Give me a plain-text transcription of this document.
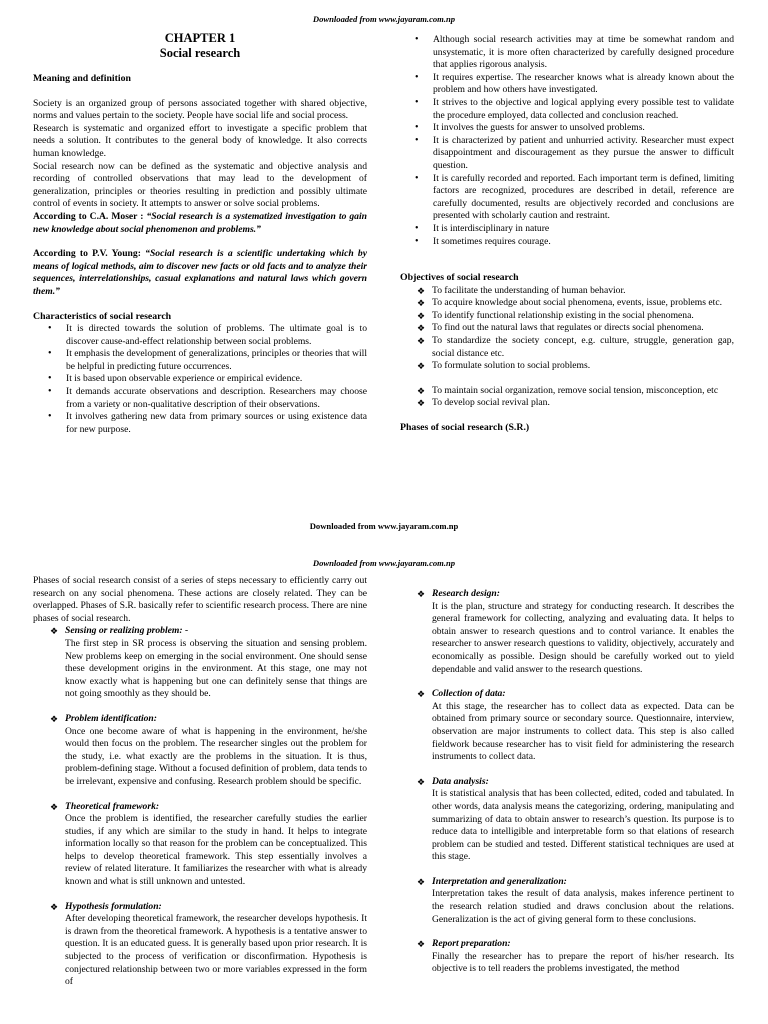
Downloaded from www.jayaram.com.np
CHAPTER 1
Social research
Meaning and definition

Society is an organized group of persons associated together with shared objective, norms and values pertain to the society. People have social life and social process.

Research is systematic and organized effort to investigate a specific problem that needs a solution. It contributes to the general body of knowledge. It also corrects human knowledge.

Social research now can be defined as the systematic and objective analysis and recording of controlled observations that may lead to the development of generalization, principles or theories resulting in prediction and possibly ultimate control of events in society. It attempts to answer or solve social problems.

According to C.A. Moser : “Social research is a systematized investigation to gain new knowledge about social phenomenon and problems.”

According to P.V. Young: “Social research is a scientific undertaking which by means of logical methods, aim to discover new facts or old facts and to analyze their sequences, interrelationships, casual explanations and natural laws which govern them.”

Characteristics of social research
• It is directed towards the solution of problems. The ultimate goal is to discover cause-and-effect relationship between social problems.
• It emphasis the development of generalizations, principles or theories that will be helpful in predicting future occurrences.
• It is based upon observable experience or empirical evidence.
• It demands accurate observations and description. Researchers may choose from a variety or non-qualitative description of their observations.
• It involves gathering new data from primary sources or using existence data for new purpose.
• Although social research activities may at time be somewhat random and unsystematic, it is more often characterized by carefully designed procedure that applies rigorous analysis.
• It requires expertise. The researcher knows what is already known about the problem and how others have investigated.
• It strives to the objective and logical applying every possible test to validate the procedure employed, data collected and conclusion reached.
• It involves the guests for answer to unsolved problems.
• It is characterized by patient and unhurried activity. Researcher must expect disappointment and discouragement as they pursue the answer to difficult question.
• It is carefully recorded and reported. Each important term is defined, limiting factors are recognized, procedures are described in detail, reference are carefully documented, results are objectively recorded and conclusions are presented with scholarly caution and restraint.
• It is interdisciplinary in nature
• It sometimes requires courage.
Objectives of social research
❖ To facilitate the understanding of human behavior.
❖ To acquire knowledge about social phenomena, events, issue, problems etc.
❖ To identify functional relationship existing in the social phenomena.
❖ To find out the natural laws that regulates or directs social phenomena.
❖ To standardize the society concept, e.g. culture, struggle, generation gap, social distance etc.
❖ To formulate solution to social problems.
❖ To maintain social organization, remove social tension, misconception, etc
❖ To develop social revival plan.
Phases of social research (S.R.)
Downloaded from www.jayaram.com.np
Downloaded from www.jayaram.com.np

Phases of social research consist of a series of steps necessary to efficiently carry out research on any social phenomena. These actions are closely related. They can be overlapped. Phases of S.R. basically refer to scientific research process. There are nine phases of social research.

❖ Sensing or realizing problem: -
The first step in SR process is observing the situation and sensing problem. New problems keep on emerging in the social environment. One should sense these development origins in the environment. At this stage, one may not know exactly what is happening but one can definitely sense that things are not going smoothly as they should be.
❖ Problem identification:
Once one become aware of what is happening in the environment, he/she would then focus on the problem. The researcher singles out the problem for the study, i.e. what exactly are the problems in the situation. It is thus, problem-defining stage. Without a focused definition of problem, data tends to be irrelevant, expensive and confusing. Research problem should be specific.
❖ Theoretical framework:
Once the problem is identified, the researcher carefully studies the earlier studies, if any which are similar to the study in hand. It helps to integrate information locally so that reason for the problem can be conceptualized. This helps to develop theoretical framework. This step essentially involves a review of related literature. It familiarizes the researcher with what is already known and what is still unknown and untested.
❖ Hypothesis formulation:
After developing theoretical framework, the researcher develops hypothesis. It is drawn from the theoretical framework. A hypothesis is a tentative answer to question. It is an educated guess. It is generally based upon prior research. It is subjected to the process of verification or disconfirmation. Hypothesis is conjectured relationship between two or more variables expressed in the form of
❖ Research design:
It is the plan, structure and strategy for conducting research. It describes the general framework for collecting, analyzing and evaluating data. It helps to obtain answer to research questions and to control variance. It enables the researcher to answer research questions to validity, objectively, accurately and economically as possible. Design should be carefully worked out to yield dependable and valid answer to the research questions.
❖ Collection of data:
At this stage, the researcher has to collect data as expected. Data can be obtained from primary source or secondary source. Questionnaire, interview, observation are major instruments to collect data. This step is also called fieldwork because researcher has to visit field for administering the research instruments to collect data.
❖ Data analysis:
It is statistical analysis that has been collected, edited, coded and tabulated. In other words, data analysis means the categorizing, ordering, manipulating and summarizing of data to obtain answer to research’s question. Its purpose is to reduce data to intelligible and interpretable form so that elations of research problem can be studied and tested. Different statistical techniques are used at this stage.
❖ Interpretation and generalization:
Interpretation takes the result of data analysis, makes inference pertinent to the research relation studied and draws conclusion about the relations. Generalization is the act of giving general form to these conclusions.
❖ Report preparation:
Finally the researcher has to prepare the report of his/her research. Its objective is to tell readers the problems investigated, the method
